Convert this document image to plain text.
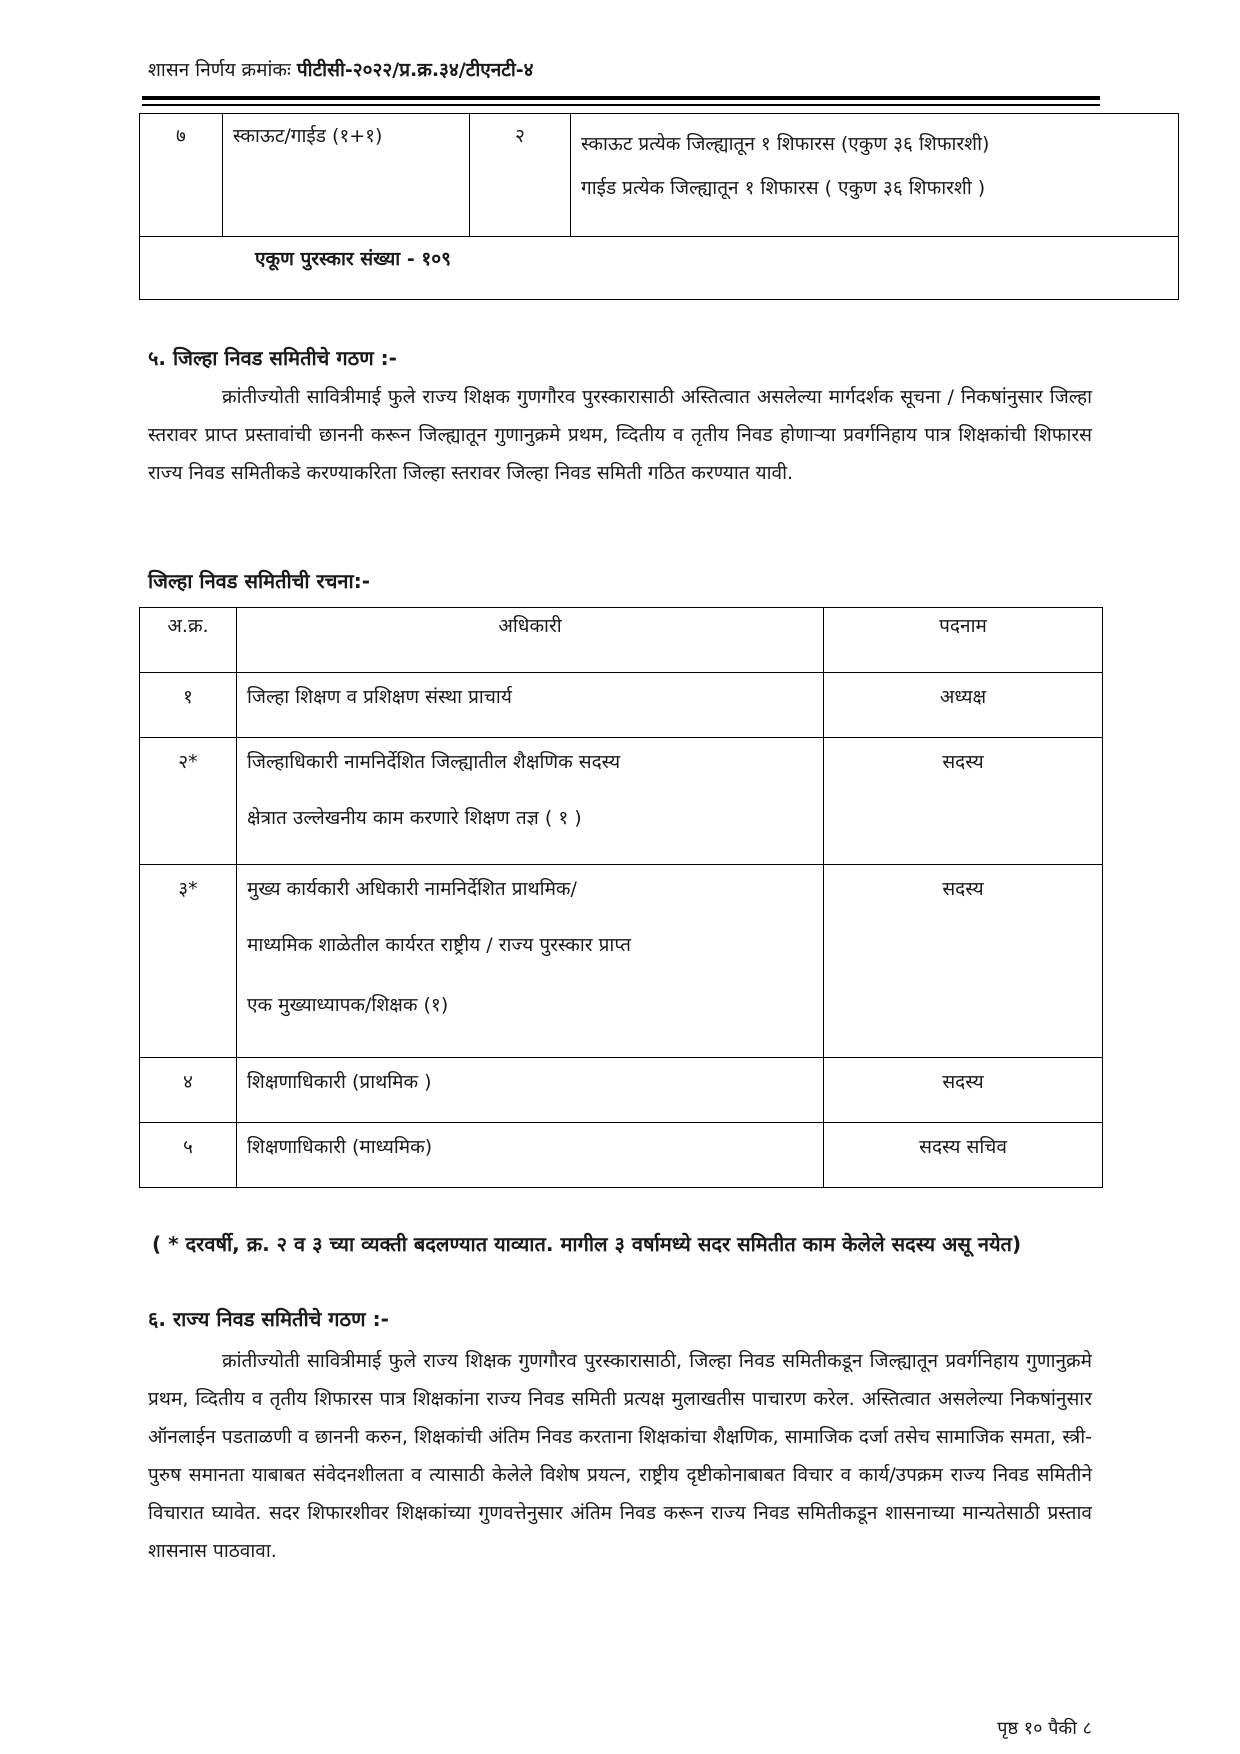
शासन निर्णय क्रमांकः पीटीसी-२०२२/प्र.क्र.३४/टीएनटी-४
७	स्काऊट/गाईड (१+१)	२	स्काऊट प्रत्येक जिल्ह्यातून १ शिफारस (एकुण ३६ शिफारशी)
गाईड प्रत्येक जिल्ह्यातून १ शिफारस ( एकुण ३६ शिफारशी )

एकूण पुरस्कार संख्या - १०९
५. जिल्हा निवड समितीचे गठण :-
क्रांतीज्योती सावित्रीमाई फुले राज्य शिक्षक गुणगौरव पुरस्कारासाठी अस्तित्वात असलेल्या मार्गदर्शक सूचना / निकषांनुसार जिल्हा स्तरावर प्राप्त प्रस्तावांची छाननी करून जिल्ह्यातून गुणानुक्रमे प्रथम, व्दितीय व तृतीय निवड होणाऱ्या प्रवर्गनिहाय पात्र शिक्षकांची शिफारस राज्य निवड समितीकडे करण्याकरिता जिल्हा स्तरावर जिल्हा निवड समिती गठित करण्यात यावी.
जिल्हा निवड समितीची रचना:-
अ.क्र.	अधिकारी	पदनाम

१	जिल्हा शिक्षण व प्रशिक्षण संस्था प्राचार्य	अध्यक्ष

२*	जिल्हाधिकारी नामनिर्देशित जिल्ह्यातील शैक्षणिक सदस्य
क्षेत्रात उल्लेखनीय काम करणारे शिक्षण तज्ञ ( १ )	सदस्य

३*	मुख्य कार्यकारी अधिकारी नामनिर्देशित प्राथमिक/
माध्यमिक शाळेतील कार्यरत राष्ट्रीय / राज्य पुरस्कार प्राप्त
एक मुख्याध्यापक/शिक्षक (१)	सदस्य

४	शिक्षणाधिकारी (प्राथमिक )	सदस्य

५	शिक्षणाधिकारी (माध्यमिक)	सदस्य सचिव
( * दरवर्षी, क्र. २ व ३ च्या व्यक्ती बदलण्यात याव्यात. मागील ३ वर्षामध्ये सदर समितीत काम केलेले सदस्य असू नयेत)
६. राज्य निवड समितीचे गठण :-
क्रांतीज्योती सावित्रीमाई फुले राज्य शिक्षक गुणगौरव पुरस्कारासाठी, जिल्हा निवड समितीकडून जिल्ह्यातून प्रवर्गनिहाय गुणानुक्रमे प्रथम, व्दितीय व तृतीय शिफारस पात्र शिक्षकांना राज्य निवड समिती प्रत्यक्ष मुलाखतीस पाचारण करेल. अस्तित्वात असलेल्या निकषांनुसार ऑनलाईन पडताळणी व छाननी करुन, शिक्षकांची अंतिम निवड करताना शिक्षकांचा शैक्षणिक, सामाजिक दर्जा तसेच सामाजिक समता, स्त्री-पुरुष समानता याबाबत संवेदनशीलता व त्यासाठी केलेले विशेष प्रयत्न, राष्ट्रीय दृष्टीकोनाबाबत विचार व कार्य/उपक्रम राज्य निवड समितीने विचारात घ्यावेत. सदर शिफारशीवर शिक्षकांच्या गुणवत्तेनुसार अंतिम निवड करून राज्य निवड समितीकडून शासनाच्या मान्यतेसाठी प्रस्ताव शासनास पाठवावा.
पृष्ठ १० पैकी ८
